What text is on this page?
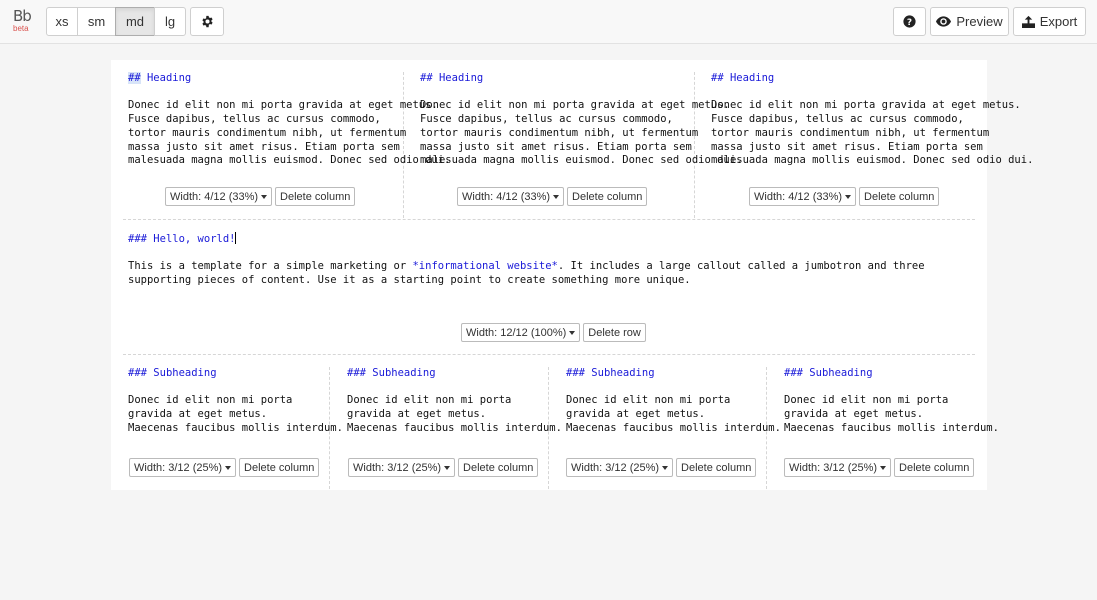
Bb
beta	xs	sm	md	lg	?	Preview	Export
## Heading

Donec id elit non mi porta gravida at eget metus.
Fusce dapibus, tellus ac cursus commodo,
tortor mauris condimentum nibh, ut fermentum
massa justo sit amet risus. Etiam porta sem
malesuada magna mollis euismod. Donec sed odio dui.
Width: 4/12 (33%)	Delete column
## Heading

Donec id elit non mi porta gravida at eget metus.
Fusce dapibus, tellus ac cursus commodo,
tortor mauris condimentum nibh, ut fermentum
massa justo sit amet risus. Etiam porta sem
malesuada magna mollis euismod. Donec sed odio dui.
Width: 4/12 (33%)	Delete column
## Heading

Donec id elit non mi porta gravida at eget metus.
Fusce dapibus, tellus ac cursus commodo,
tortor mauris condimentum nibh, ut fermentum
massa justo sit amet risus. Etiam porta sem
malesuada magna mollis euismod. Donec sed odio dui.
Width: 4/12 (33%)	Delete column
### Hello, world!

This is a template for a simple marketing or *informational website*. It includes a large callout called a jumbotron and three
supporting pieces of content. Use it as a starting point to create something more unique.
Width: 12/12 (100%)	Delete row
### Subheading

Donec id elit non mi porta
gravida at eget metus.
Maecenas faucibus mollis interdum.
Width: 3/12 (25%)	Delete column
### Subheading

Donec id elit non mi porta
gravida at eget metus.
Maecenas faucibus mollis interdum.
Width: 3/12 (25%)	Delete column
### Subheading

Donec id elit non mi porta
gravida at eget metus.
Maecenas faucibus mollis interdum.
Width: 3/12 (25%)	Delete column
### Subheading

Donec id elit non mi porta
gravida at eget metus.
Maecenas faucibus mollis interdum.
Width: 3/12 (25%)	Delete column
